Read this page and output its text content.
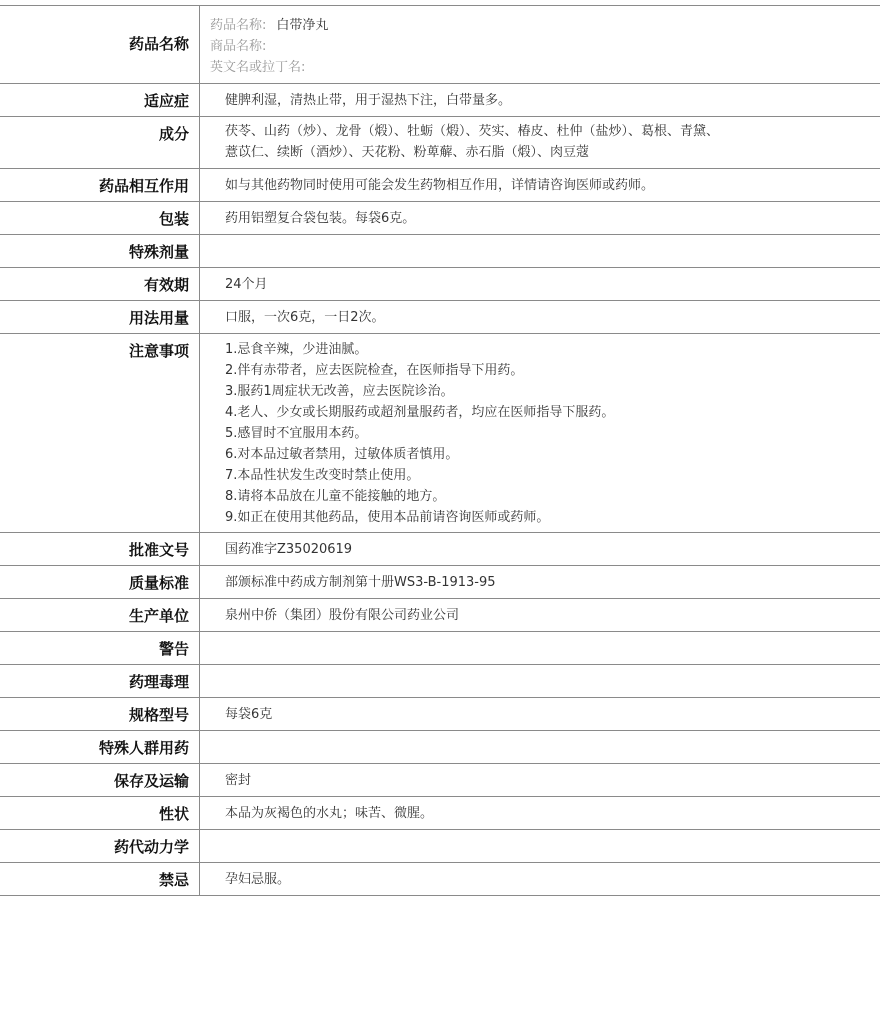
药品名称
药品名称: 白带净丸
商品名称:
英文名或拉丁名:
适应症	健脾利湿，清热止带，用于湿热下注，白带量多。
成分	茯苓、山药（炒）、龙骨（煅）、牡蛎（煅）、芡实、椿皮、杜仲（盐炒）、葛根、青黛、
薏苡仁、续断（酒炒）、天花粉、粉萆薢、赤石脂（煅）、肉豆蔻
药品相互作用	如与其他药物同时使用可能会发生药物相互作用，详情请咨询医师或药师。
包装	药用铝塑复合袋包装。每袋6克。
特殊剂量
有效期	24个月
用法用量	口服，一次6克，一日2次。
注意事项	1.忌食辛辣，少进油腻。
2.伴有赤带者，应去医院检查，在医师指导下用药。
3.服药1周症状无改善，应去医院诊治。
4.老人、少女或长期服药或超剂量服药者，均应在医师指导下服药。
5.感冒时不宜服用本药。
6.对本品过敏者禁用，过敏体质者慎用。
7.本品性状发生改变时禁止使用。
8.请将本品放在儿童不能接触的地方。
9.如正在使用其他药品，使用本品前请咨询医师或药师。
批准文号	国药准字Z35020619
质量标准	部颁标准中药成方制剂第十册WS3-B-1913-95
生产单位	泉州中侨（集团）股份有限公司药业公司
警告
药理毒理
规格型号	每袋6克
特殊人群用药
保存及运输	密封
性状	本品为灰褐色的水丸；味苦、微腥。
药代动力学
禁忌	孕妇忌服。
